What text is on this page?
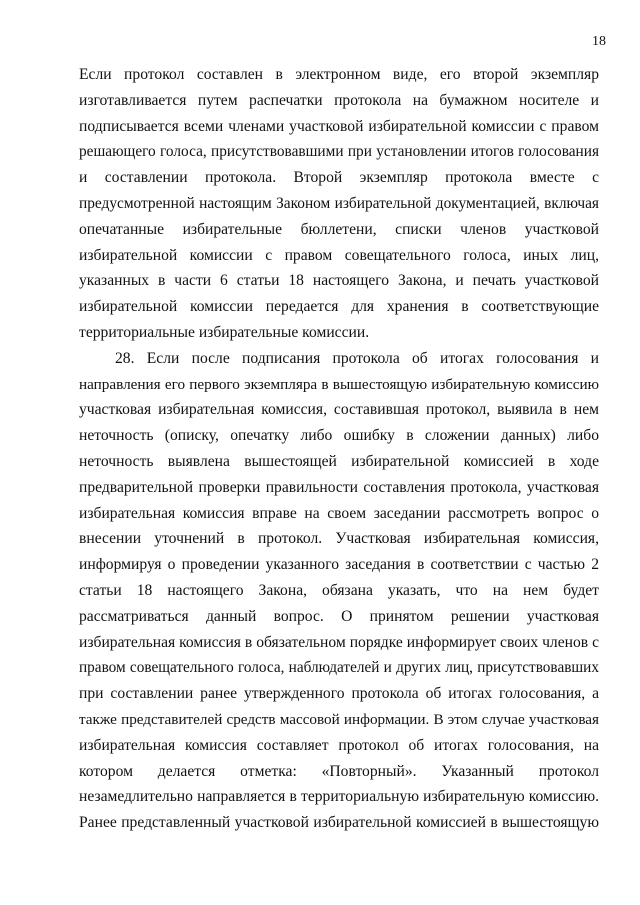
18
Если протокол составлен в электронном виде, его второй экземпляр
изготавливается путем распечатки протокола на бумажном носителе и
подписывается всеми членами участковой избирательной комиссии с правом
решающего голоса, присутствовавшими при установлении итогов голосования
и составлении протокола. Второй экземпляр протокола вместе с
предусмотренной настоящим Законом избирательной документацией, включая
опечатанные избирательные бюллетени, списки членов участковой
избирательной комиссии с правом совещательного голоса, иных лиц,
указанных в части 6 статьи 18 настоящего Закона, и печать участковой
избирательной комиссии передается для хранения в соответствующие
территориальные избирательные комиссии.
28. Если после подписания протокола об итогах голосования и
направления его первого экземпляра в вышестоящую избирательную комиссию
участковая избирательная комиссия, составившая протокол, выявила в нем
неточность (описку, опечатку либо ошибку в сложении данных) либо
неточность выявлена вышестоящей избирательной комиссией в ходе
предварительной проверки правильности составления протокола, участковая
избирательная комиссия вправе на своем заседании рассмотреть вопрос о
внесении уточнений в протокол. Участковая избирательная комиссия,
информируя о проведении указанного заседания в соответствии с частью 2
статьи 18 настоящего Закона, обязана указать, что на нем будет
рассматриваться данный вопрос. О принятом решении участковая
избирательная комиссия в обязательном порядке информирует своих членов с
правом совещательного голоса, наблюдателей и других лиц, присутствовавших
при составлении ранее утвержденного протокола об итогах голосования, а
также представителей средств массовой информации. В этом случае участковая
избирательная комиссия составляет протокол об итогах голосования, на
котором делается отметка: «Повторный». Указанный протокол
незамедлительно направляется в территориальную избирательную комиссию.
Ранее представленный участковой избирательной комиссией в вышестоящую
